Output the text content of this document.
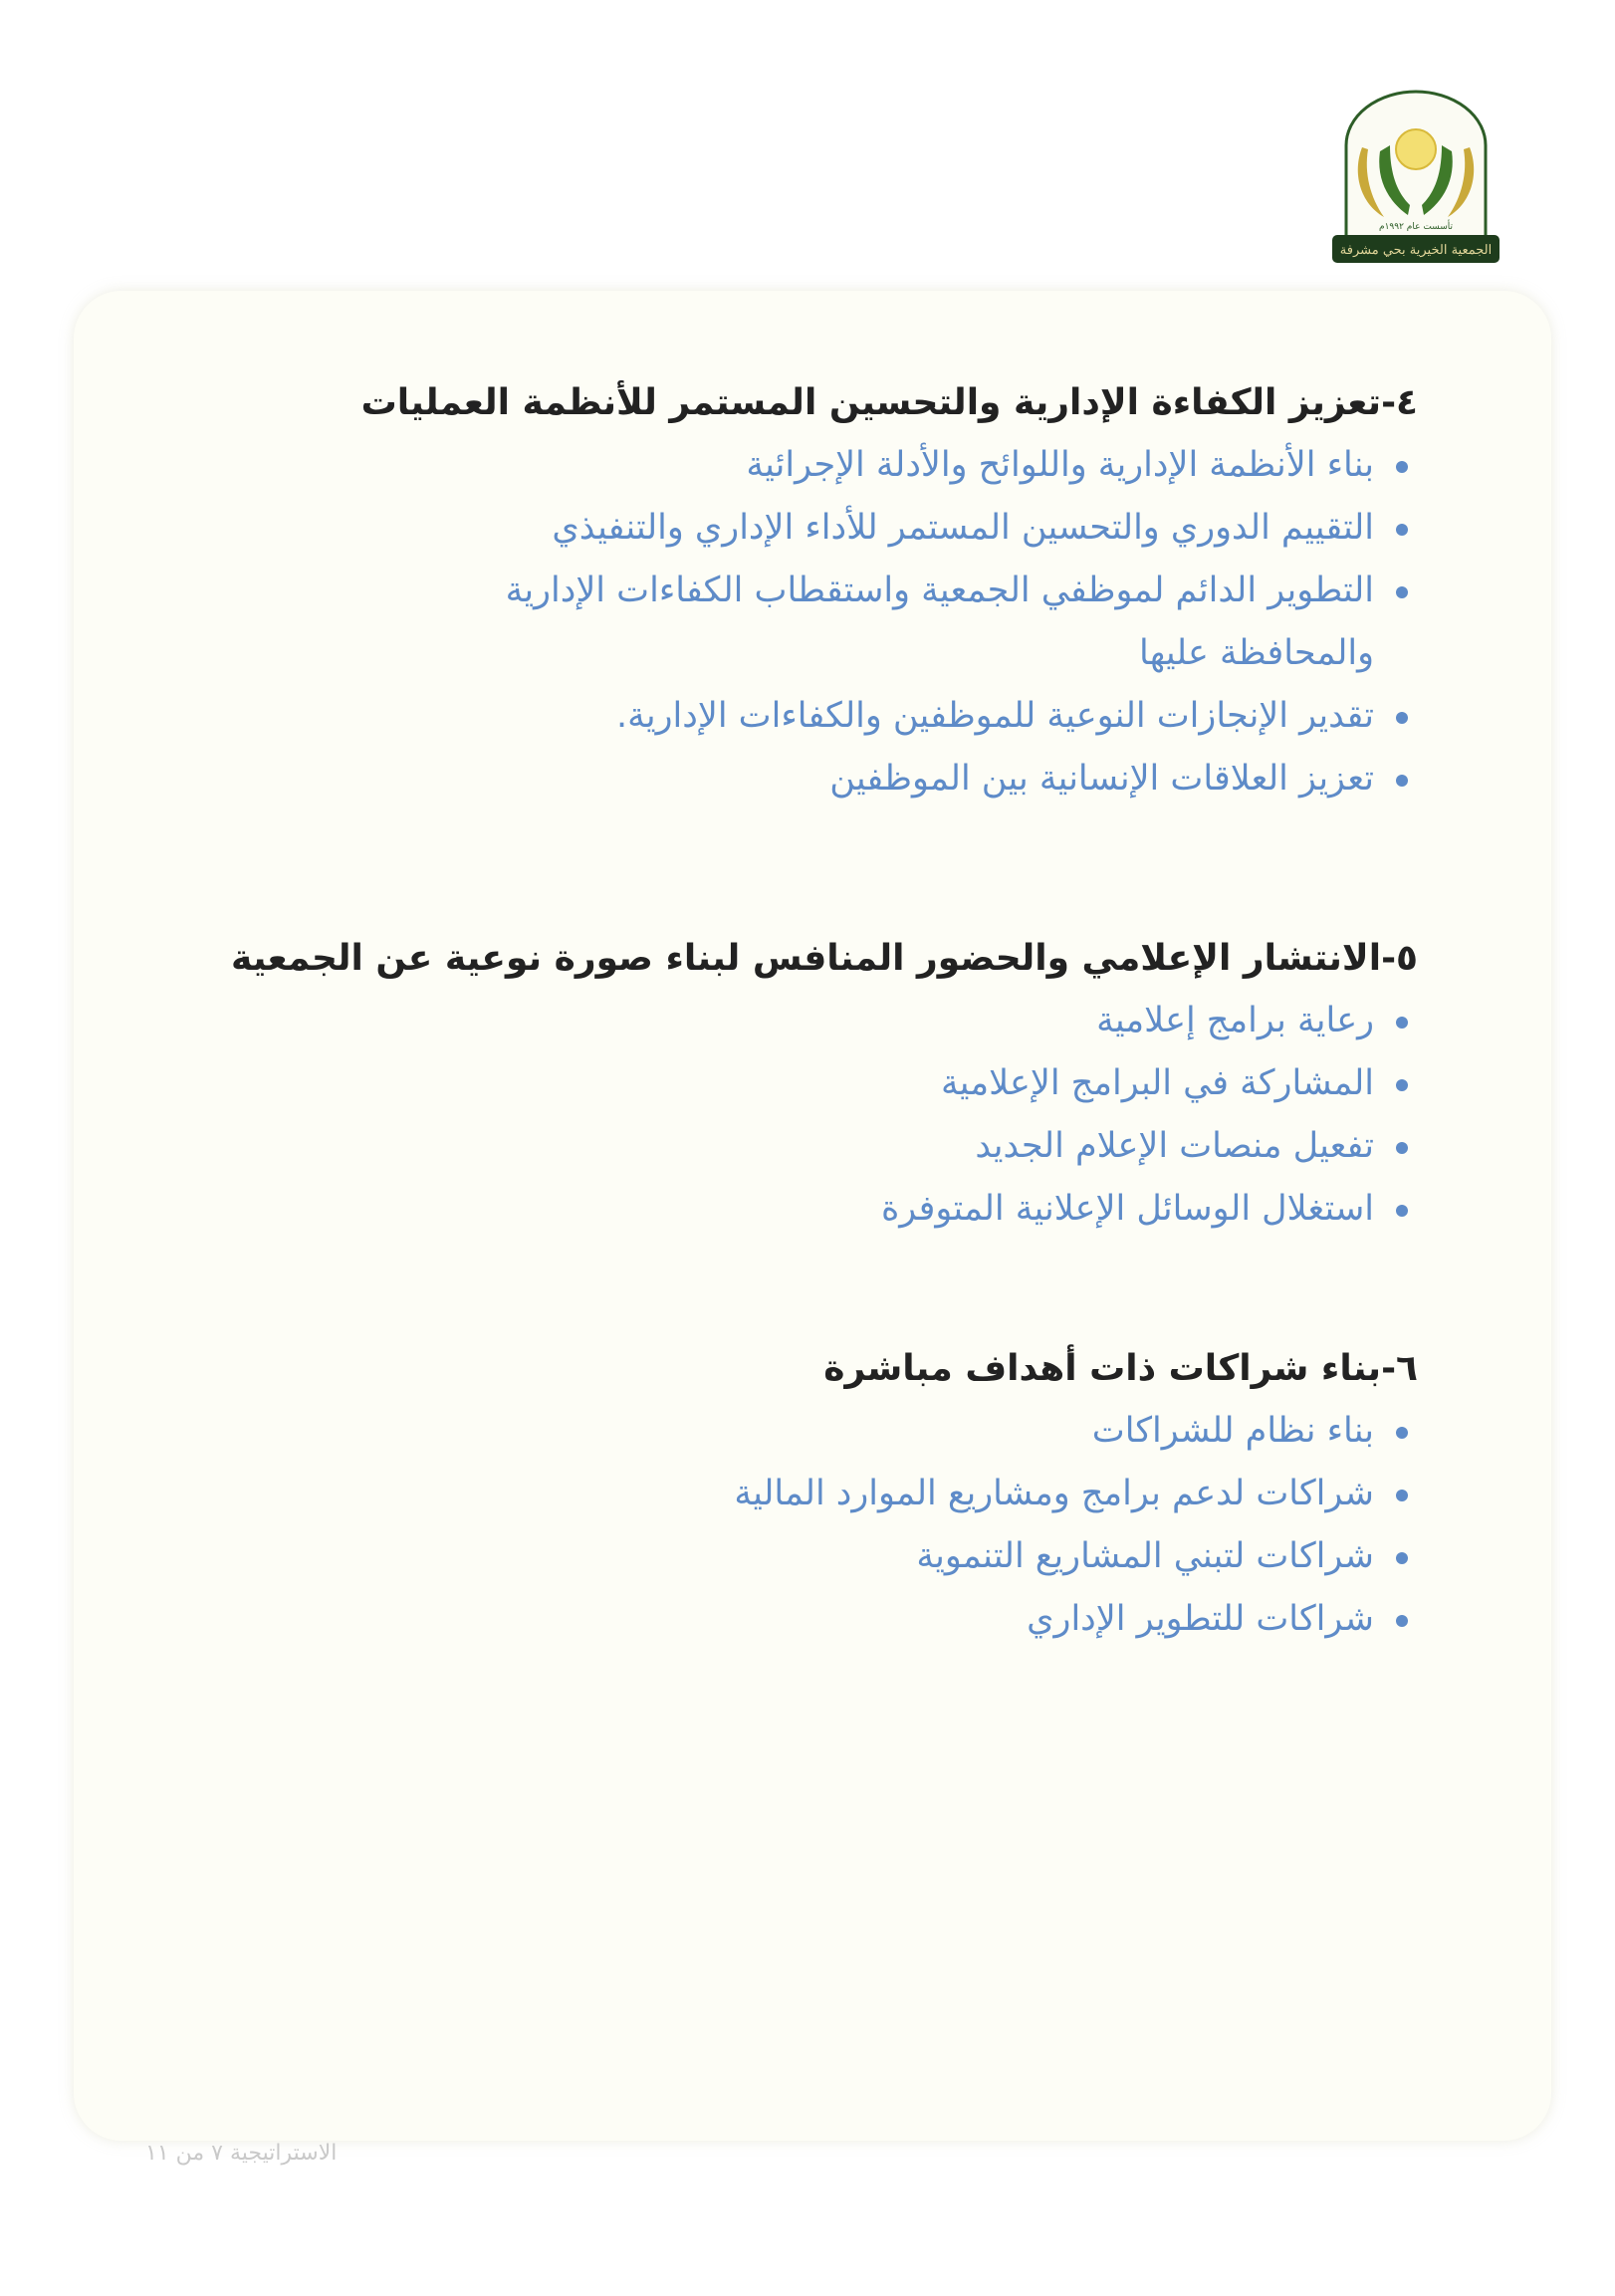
تأسست عام ١٩٩٢م
الجمعية الخيرية بحي مشرفة
٤-تعزيز الكفاءة الإدارية والتحسين المستمر للأنظمة العمليات
بناء الأنظمة الإدارية واللوائح والأدلة الإجرائية
التقييم الدوري والتحسين المستمر للأداء الإداري والتنفيذي
التطوير الدائم لموظفي الجمعية واستقطاب الكفاءات الإدارية والمحافظة عليها
تقدير الإنجازات النوعية للموظفين والكفاءات الإدارية.
تعزيز العلاقات الإنسانية بين الموظفين
٥-الانتشار الإعلامي والحضور المنافس لبناء صورة نوعية عن الجمعية
رعاية برامج إعلامية
المشاركة في البرامج الإعلامية
تفعيل منصات الإعلام الجديد
استغلال الوسائل الإعلانية المتوفرة
٦-بناء شراكات ذات أهداف مباشرة
بناء نظام للشراكات
شراكات لدعم برامج ومشاريع الموارد المالية
شراكات لتبني المشاريع التنموية
شراكات للتطوير الإداري
الاستراتيجية ٧ من ١١
